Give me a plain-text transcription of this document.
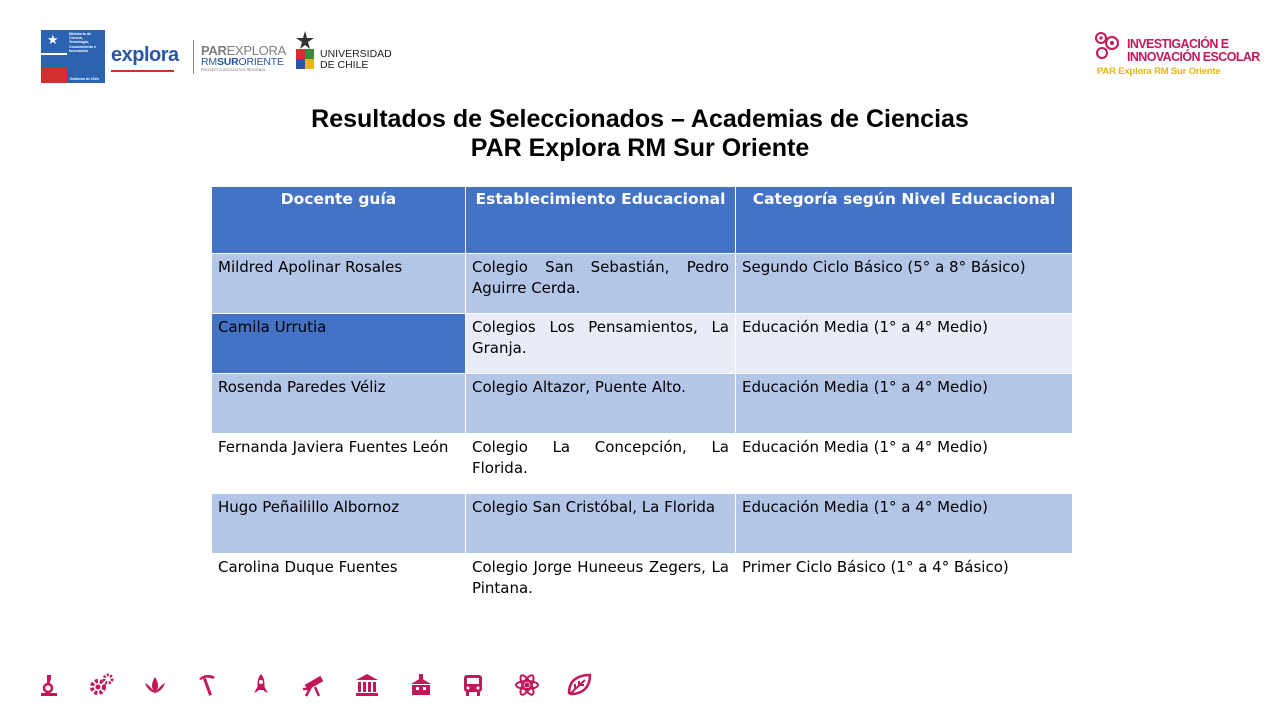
★	Ministerio de Ciencia, Tecnología, Conocimiento e Innovación
Gobierno de Chile
explora PAREXPLORA
RMSURORIENTE
PROYECTO ASOCIATIVO REGIONAL
UNIVERSIDAD
DE CHILE
INVESTIGACIÓN E
INNOVACIÓN ESCOLAR
PAR Explora RM Sur Oriente
Resultados de Seleccionados – Academias de Ciencias
PAR Explora RM Sur Oriente
Docente guía	Establecimiento Educacional	Categoría según Nivel Educacional
Mildred Apolinar Rosales	Colegio San Sebastián, Pedro Aguirre Cerda.	Segundo Ciclo Básico (5° a 8° Básico)
Camila Urrutia	Colegios Los Pensamientos, La Granja.	Educación Media (1° a 4° Medio)
Rosenda Paredes Véliz	Colegio Altazor, Puente Alto.	Educación Media (1° a 4° Medio)
Fernanda Javiera Fuentes León	Colegio La Concepción, La Florida.	Educación Media (1° a 4° Medio)
Hugo Peñailillo Albornoz	Colegio San Cristóbal, La Florida	Educación Media (1° a 4° Medio)
Carolina Duque Fuentes	Colegio Jorge Huneeus Zegers, La Pintana.	Primer Ciclo Básico (1° a 4° Básico)
